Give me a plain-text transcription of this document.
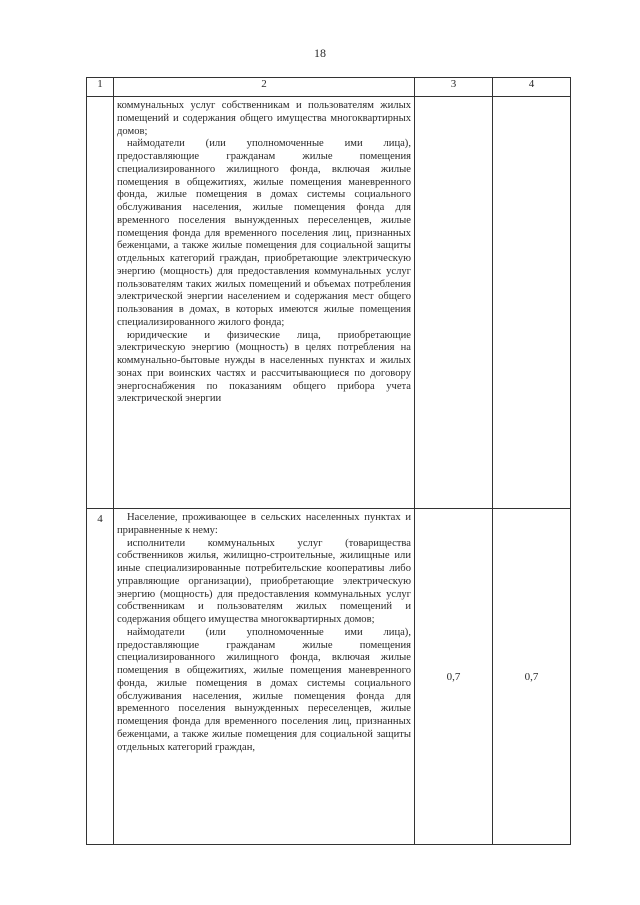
18
1	2	3	4

	коммунальных услуг собственникам и пользователям жилых помещений и содержания общего имущества многоквартирных домов;

наймодатели (или уполномоченные ими лица), предоставляющие гражданам жилые помещения специализированного жилищного фонда, включая жилые помещения в общежитиях, жилые помещения маневренного фонда, жилые помещения в домах системы социального обслуживания населения, жилые помещения фонда для временного поселения вынужденных переселенцев, жилые помещения фонда для временного поселения лиц, признанных беженцами, а также жилые помещения для социальной защиты отдельных категорий граждан, приобретающие электрическую энергию (мощность) для предоставления коммунальных услуг пользователям таких жилых помещений и объемах потребления электрической энергии населением и содержания мест общего пользования в домах, в которых имеются жилые помещения специализированного жилого фонда;

юридические и физические лица, приобретающие электрическую энергию (мощность) в целях потребления на коммунально-бытовые нужды в населенных пунктах и жилых зонах при воинских частях и рассчитывающиеся по договору энергоснабжения по показаниям общего прибора учета электрической энергии		

4	Население, проживающее в сельских населенных пунктах и приравненные к нему:

исполнители коммунальных услуг (товарищества собственников жилья, жилищно-строительные, жилищные или иные специализированные потребительские кооперативы либо управляющие организации), приобретающие электрическую энергию (мощность) для предоставления коммунальных услуг собственникам и пользователям жилых помещений и содержания общего имущества многоквартирных домов;

наймодатели (или уполномоченные ими лица), предоставляющие гражданам жилые помещения специализированного жилищного фонда, включая жилые помещения в общежитиях, жилые помещения маневренного фонда, жилые помещения в домах системы социального обслуживания населения, жилые помещения фонда для временного поселения вынужденных переселенцев, жилые помещения фонда для временного поселения лиц, признанных беженцами, а также жилые помещения для социальной защиты отдельных категорий граждан,	0,7	0,7
